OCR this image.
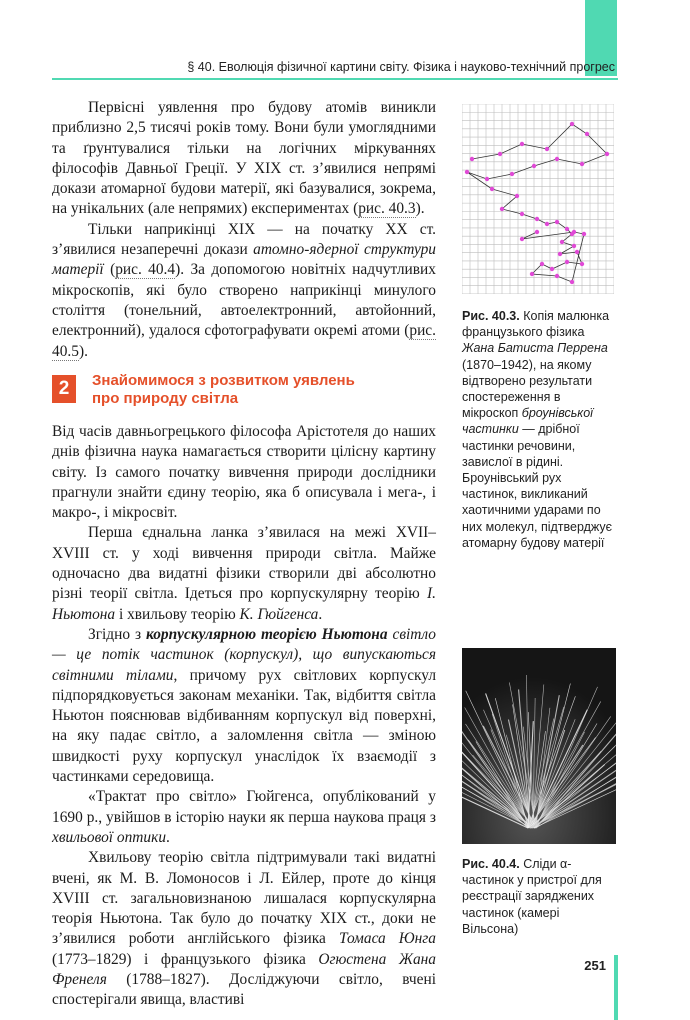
§ 40. Еволюція фізичної картини світу. Фізика і науково-технічний прогрес

Первісні уявлення про будову атомів виникли приблизно 2,5 тисячі років тому. Вони були умоглядними та ґрунтувалися тільки на логічних міркуваннях філософів Давньої Греції. У XIX ст. з’явилися непрямі докази атомарної будови матерії, які базувалися, зокрема, на унікальних (але непрямих) експериментах (рис. 40.3).

Тільки наприкінці XIX — на початку XX ст. з’явилися незаперечні докази атомно-ядерної структури матерії (рис. 40.4). За допомогою новітніх надчутливих мікроскопів, які було створено наприкінці минулого століття (тонельний, автоелектронний, автойонний, електронний), удалося сфотографувати окремі атоми (рис. 40.5).

2	Знайомимося з розвитком уявлень
про природу світла

Від часів давньогрецького філософа Арістотеля до наших днів фізична наука намагається створити цілісну картину світу. Із самого початку вивчення природи дослідники прагнули знайти єдину теорію, яка б описувала і мега-, і макро-, і мікросвіт.

Перша єднальна ланка з’явилася на межі XVII–XVIII ст. у ході вивчення природи світла. Майже одночасно два видатні фізики створили дві абсолютно різні теорії світла. Ідеться про корпускулярну теорію І. Ньютона і хвильову теорію К. Гюйгенса.

Згідно з корпускулярною теорією Ньютона світло — це потік частинок (корпускул), що випускаються світними тілами, причому рух світлових корпускул підпорядковується законам механіки. Так, відбиття світла Ньютон пояснював відбиванням корпускул від поверхні, на яку падає світло, а заломлення світла — зміною швидкості руху корпускул унаслідок їх взаємодії з частинками середовища.

«Трактат про світло» Гюйгенса, опублікований у 1690 р., увійшов в історію науки як перша наукова праця з хвильової оптики.

Хвильову теорію світла підтримували такі видатні вчені, як М. В. Ломоносов і Л. Ейлер, проте до кінця XVIII ст. загальновизнаною лишалася корпускулярна теорія Ньютона. Так було до початку XIX ст., доки не з’явилися роботи англійського фізика Томаса Юнга (1773–1829) і французького фізика Огюстена Жана Френеля (1788–1827). Досліджуючи світло, вчені спостерігали явища, властиві

Рис. 40.3. Копія малюнка французького фізика Жана Батиста Перрена (1870–1942), на якому відтворено результати спостереження в мікроскоп броунівської частинки — дрібної частинки речовини, завислої в рідині. Броунівський рух частинок, викликаний хаотичними ударами по них молекул, підтверджує атомарну будову матерії
Рис. 40.4. Сліди α-частинок у пристрої для реєстрації заряджених частинок (камері Вільсона)
251
